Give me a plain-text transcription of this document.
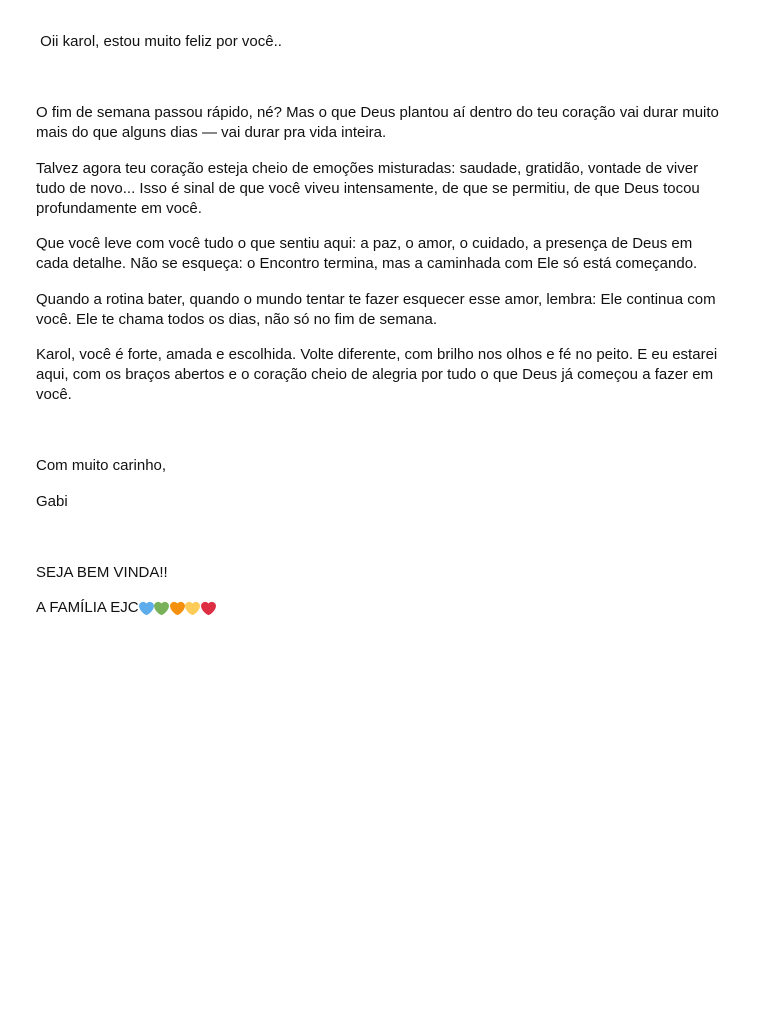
Oii karol, estou muito feliz por você..

O fim de semana passou rápido, né? Mas o que Deus plantou aí dentro do teu coração vai durar muito mais do que alguns dias — vai durar pra vida inteira.

Talvez agora teu coração esteja cheio de emoções misturadas: saudade, gratidão, vontade de viver tudo de novo... Isso é sinal de que você viveu intensamente, de que se permitiu, de que Deus tocou profundamente em você.

Que você leve com você tudo o que sentiu aqui: a paz, o amor, o cuidado, a presença de Deus em cada detalhe. Não se esqueça: o Encontro termina, mas a caminhada com Ele só está começando.

Quando a rotina bater, quando o mundo tentar te fazer esquecer esse amor, lembra: Ele continua com você. Ele te chama todos os dias, não só no fim de semana.

Karol, você é forte, amada e escolhida. Volte diferente, com brilho nos olhos e fé no peito. E eu estarei aqui, com os braços abertos e o coração cheio de alegria por tudo o que Deus já começou a fazer em você.

Com muito carinho,

Gabi

SEJA BEM VINDA!!

A FAMÍLIA EJC
